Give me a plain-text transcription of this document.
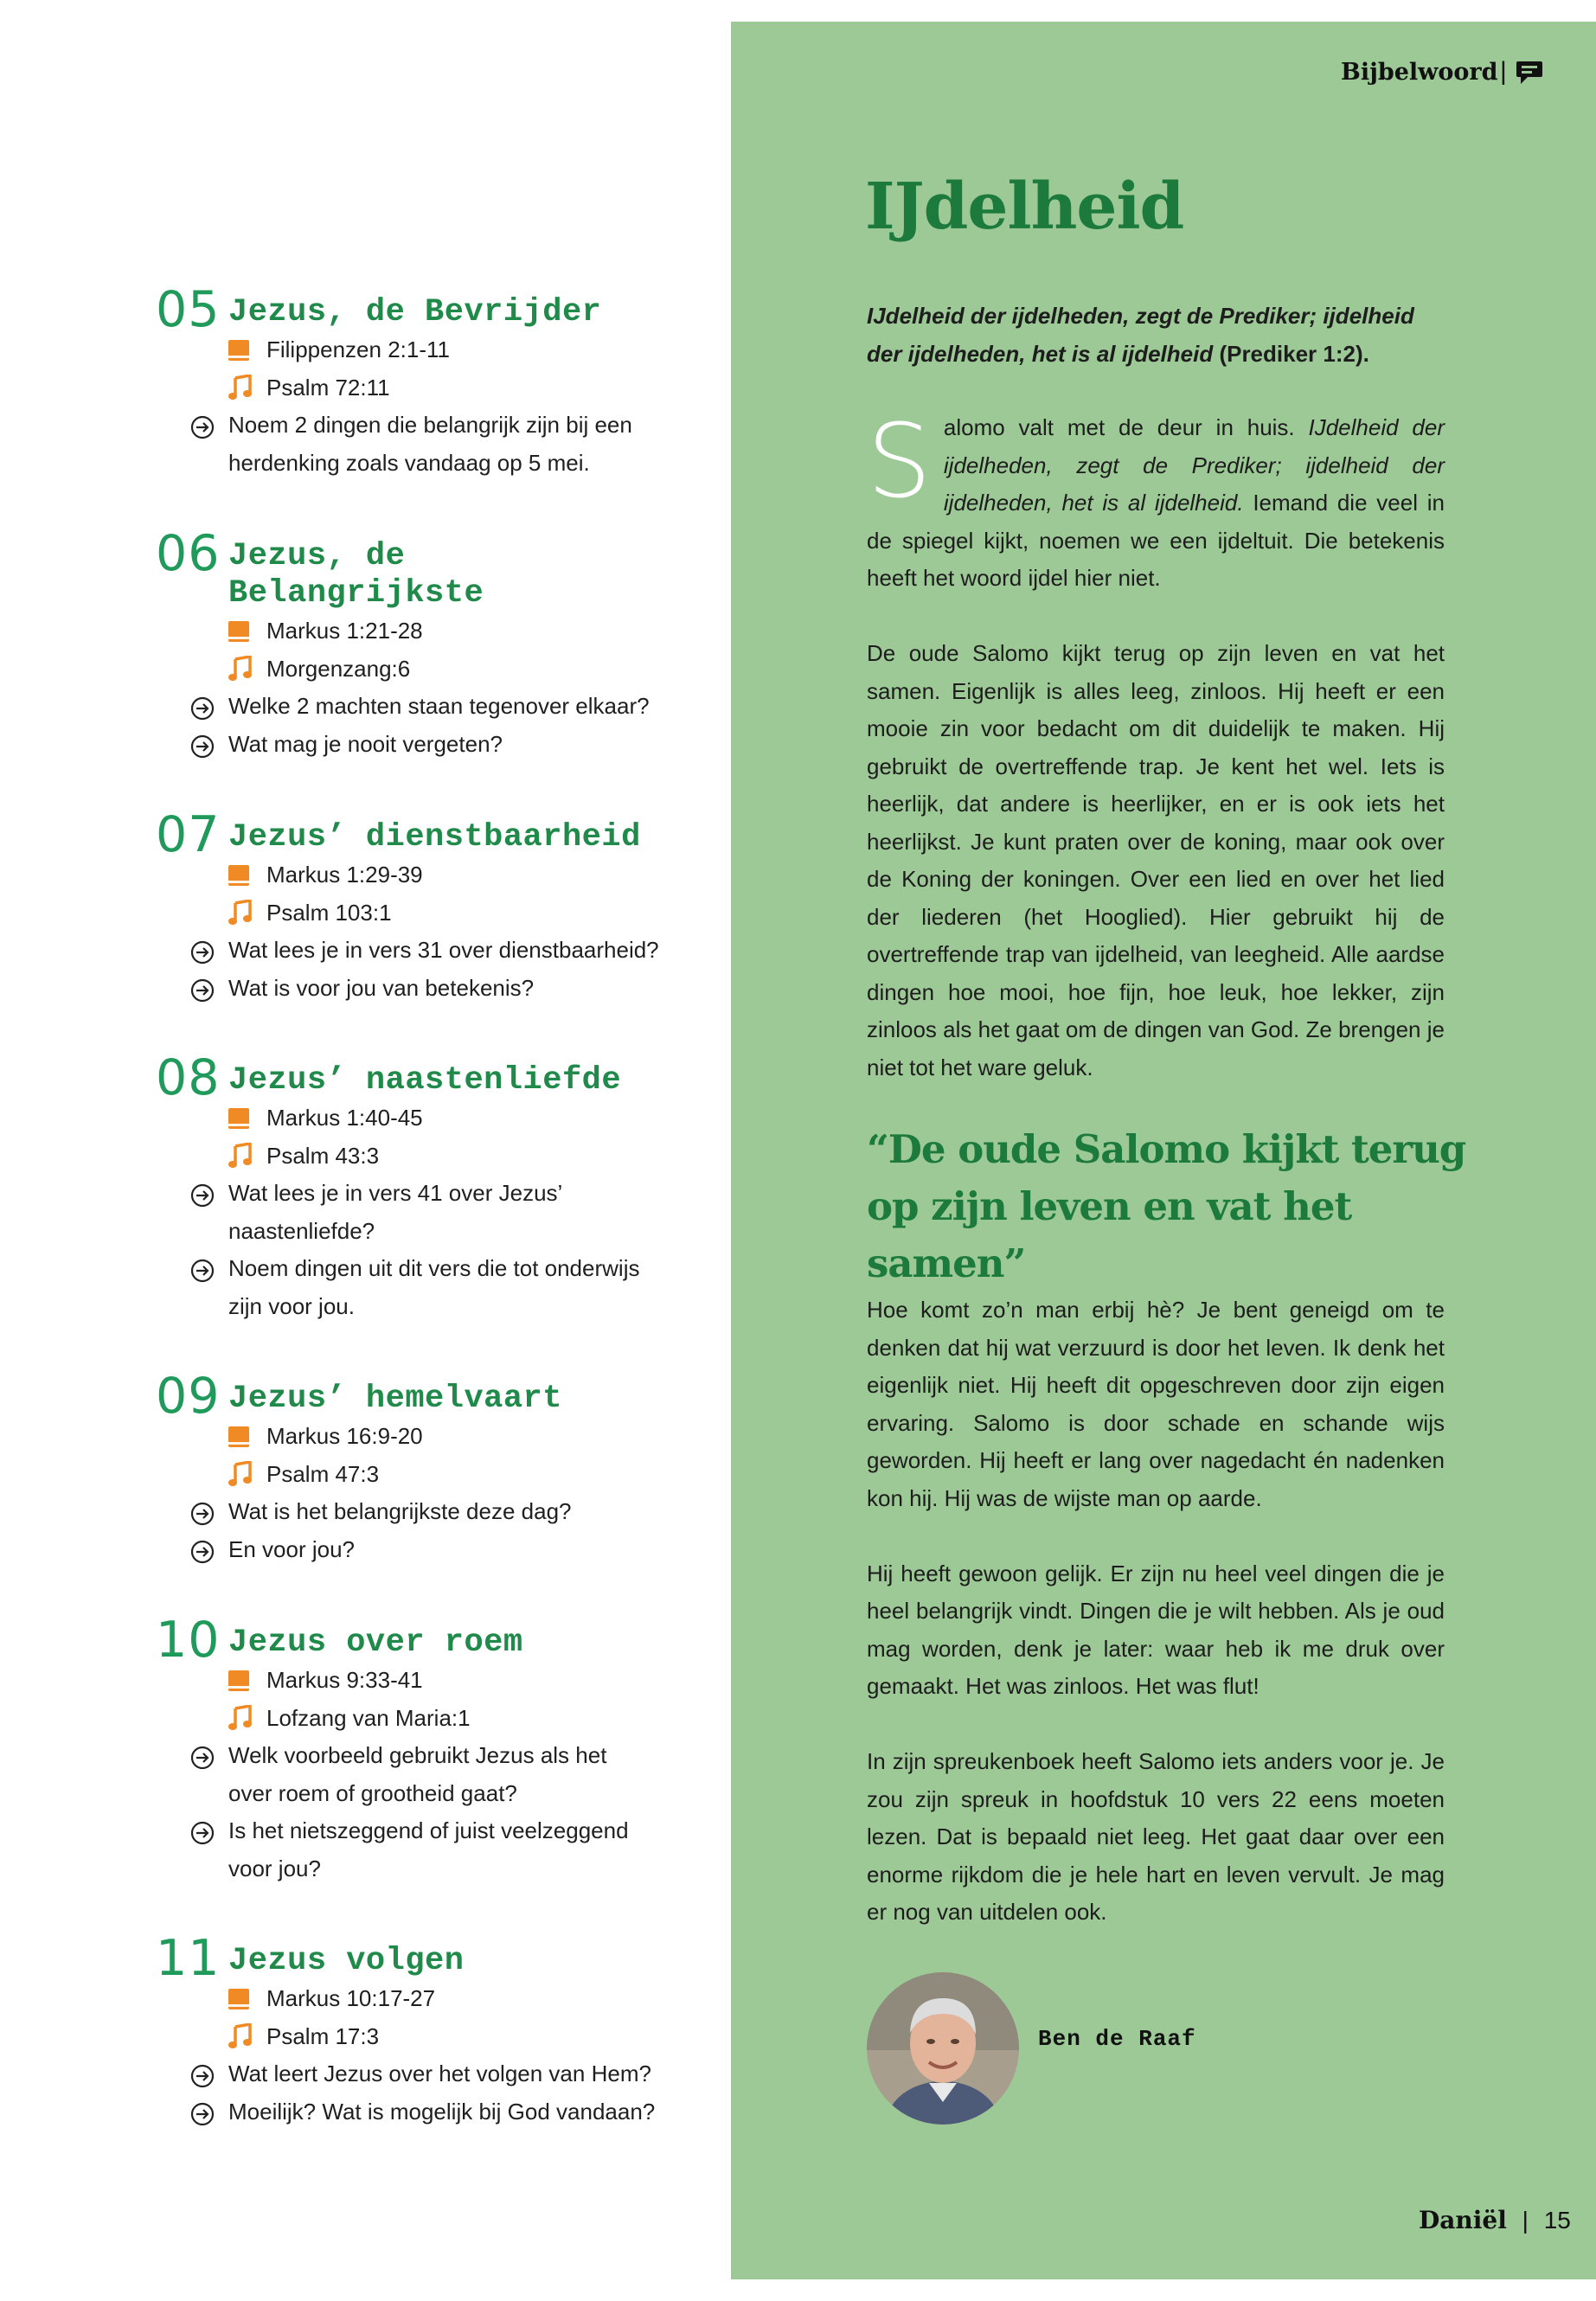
Bijbelwoord |
IJdelheid
IJdelheid der ijdelheden, zegt de Prediker; ijdelheid der ijdelheden, het is al ijdelheid (Prediker 1:2).

Salomo valt met de deur in huis. IJdelheid der ijdelheden, zegt de Prediker; ijdelheid der ijdelheden, het is al ijdelheid. Iemand die veel in de spiegel kijkt, noemen we een ijdeltuit. Die betekenis heeft het woord ijdel hier niet.

De oude Salomo kijkt terug op zijn leven en vat het samen. Eigenlijk is alles leeg, zinloos. Hij heeft er een mooie zin voor bedacht om dit duidelijk te maken. Hij gebruikt de overtreffende trap. Je kent het wel. Iets is heerlijk, dat andere is heerlijker, en er is ook iets het heerlijkst. Je kunt praten over de koning, maar ook over de Koning der koningen. Over een lied en over het lied der liederen (het Hooglied). Hier gebruikt hij de overtreffende trap van ijdelheid, van leegheid. Alle aardse dingen hoe mooi, hoe fijn, hoe leuk, hoe lekker, zijn zinloos als het gaat om de dingen van God. Ze brengen je niet tot het ware geluk.

“De oude Salomo kijkt terug
op zijn leven en vat het samen”

Hoe komt zo’n man erbij hè? Je bent geneigd om te denken dat hij wat verzuurd is door het leven. Ik denk het eigenlijk niet. Hij heeft dit opgeschreven door zijn eigen ervaring. Salomo is door schade en schande wijs geworden. Hij heeft er lang over nagedacht én nadenken kon hij. Hij was de wijste man op aarde.

Hij heeft gewoon gelijk. Er zijn nu heel veel dingen die je heel belangrijk vindt. Dingen die je wilt hebben. Als je oud mag worden, denk je later: waar heb ik me druk over gemaakt. Het was zinloos. Het was flut!

In zijn spreukenboek heeft Salomo iets anders voor je. Je zou zijn spreuk in hoofdstuk 10 vers 22 eens moeten lezen. Dat is bepaald niet leeg. Het gaat daar over een enorme rijkdom die je hele hart en leven vervult. Je mag er nog van uitdelen ook.

Ben de Raaf
Daniël | 15
05 Jezus, de Bevrijder
Filippenzen 2:1-11
Psalm 72:11
Noem 2 dingen die belangrijk zijn bij een
herdenking zoals vandaag op 5 mei.
06 Jezus, de
Belangrijkste
Markus 1:21-28
Morgenzang:6
Welke 2 machten staan tegenover elkaar?
Wat mag je nooit vergeten?
07 Jezus’ dienstbaarheid
Markus 1:29-39
Psalm 103:1
Wat lees je in vers 31 over dienstbaarheid?
Wat is voor jou van betekenis?
08 Jezus’ naastenliefde
Markus 1:40-45
Psalm 43:3
Wat lees je in vers 41 over Jezus’
naastenliefde?
Noem dingen uit dit vers die tot onderwijs
zijn voor jou.
09 Jezus’ hemelvaart
Markus 16:9-20
Psalm 47:3
Wat is het belangrijkste deze dag?
En voor jou?
10 Jezus over roem
Markus 9:33-41
Lofzang van Maria:1
Welk voorbeeld gebruikt Jezus als het
over roem of grootheid gaat?
Is het nietszeggend of juist veelzeggend
voor jou?
11 Jezus volgen
Markus 10:17-27
Psalm 17:3
Wat leert Jezus over het volgen van Hem?
Moeilijk? Wat is mogelijk bij God vandaan?
